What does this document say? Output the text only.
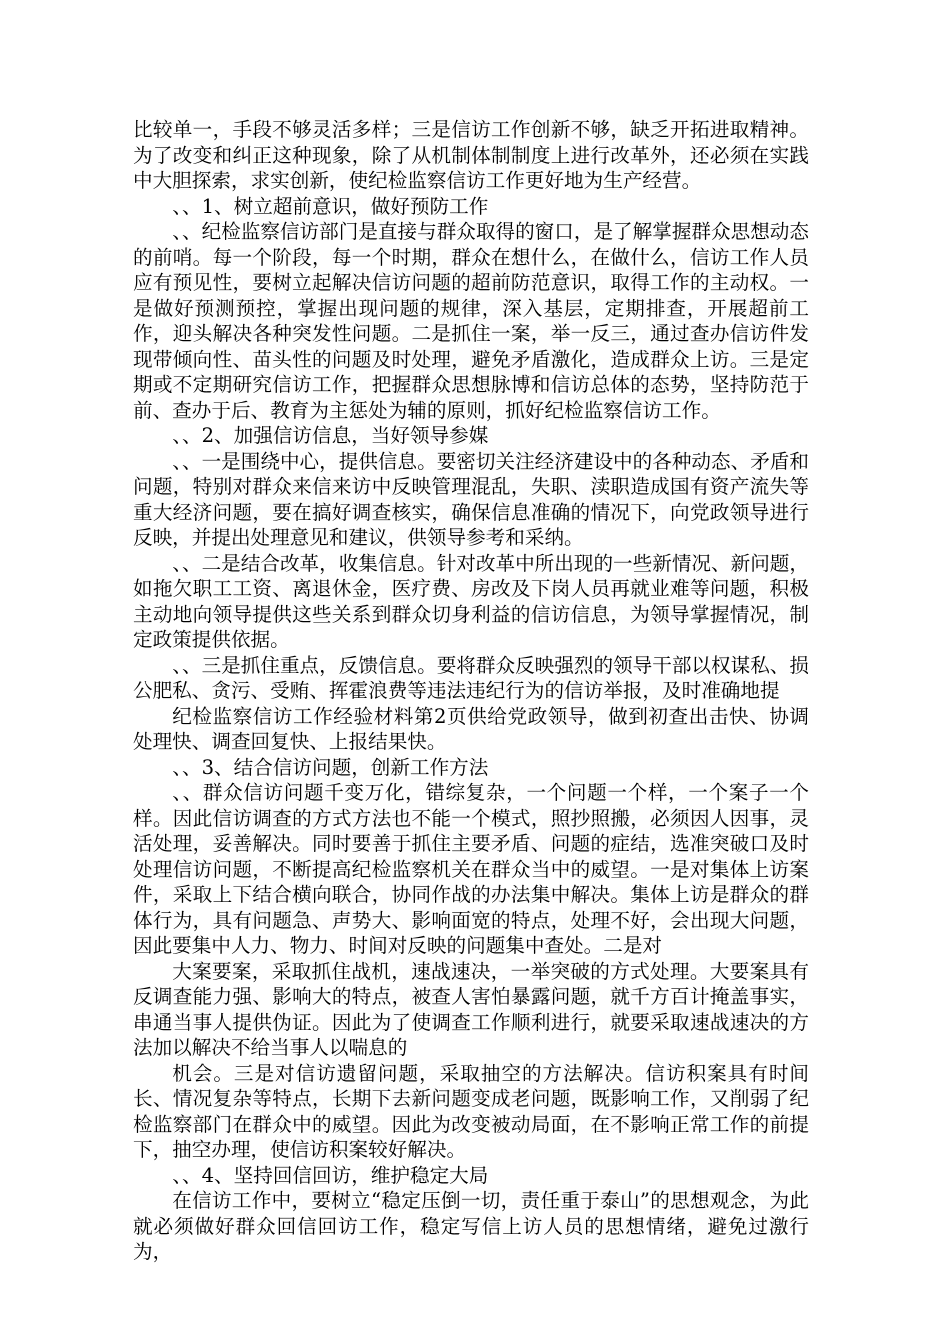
比较单一，手段不够灵活多样；三是信访工作创新不够，缺乏开拓进取精神。为了改变和纠正这种现象，除了从机制体制制度上进行改革外，还必须在实践中大胆探索，求实创新，使纪检监察信访工作更好地为生产经营。

、、1、树立超前意识，做好预防工作

、、纪检监察信访部门是直接与群众取得的窗口，是了解掌握群众思想动态的前哨。每一个阶段，每一个时期，群众在想什么，在做什么，信访工作人员应有预见性，要树立起解决信访问题的超前防范意识，取得工作的主动权。一是做好预测预控，掌握出现问题的规律，深入基层，定期排查，开展超前工作，迎头解决各种突发性问题。二是抓住一案，举一反三，通过查办信访件发现带倾向性、苗头性的问题及时处理，避免矛盾激化，造成群众上访。三是定期或不定期研究信访工作，把握群众思想脉博和信访总体的态势，坚持防范于前、查办于后、教育为主惩处为辅的原则，抓好纪检监察信访工作。

、、2、加强信访信息，当好领导参媒

、、一是围绕中心，提供信息。要密切关注经济建设中的各种动态、矛盾和问题，特别对群众来信来访中反映管理混乱，失职、渎职造成国有资产流失等重大经济问题，要在搞好调查核实，确保信息准确的情况下，向党政领导进行反映，并提出处理意见和建议，供领导参考和采纳。

、、二是结合改革，收集信息。针对改革中所出现的一些新情况、新问题，如拖欠职工工资、离退休金，医疗费、房改及下岗人员再就业难等问题，积极主动地向领导提供这些关系到群众切身利益的信访信息，为领导掌握情况，制定政策提供依据。

、、三是抓住重点，反馈信息。要将群众反映强烈的领导干部以权谋私、损公肥私、贪污、受贿、挥霍浪费等违法违纪行为的信访举报，及时准确地提

纪检监察信访工作经验材料第2页供给党政领导，做到初查出击快、协调处理快、调查回复快、上报结果快。

、、3、结合信访问题，创新工作方法

、、群众信访问题千变万化，错综复杂，一个问题一个样，一个案子一个样。因此信访调查的方式方法也不能一个模式，照抄照搬，必须因人因事，灵活处理，妥善解决。同时要善于抓住主要矛盾、问题的症结，选准突破口及时处理信访问题，不断提高纪检监察机关在群众当中的威望。一是对集体上访案件，采取上下结合横向联合，协同作战的办法集中解决。集体上访是群众的群体行为，具有问题急、声势大、影响面宽的特点，处理不好，会出现大问题，因此要集中人力、物力、时间对反映的问题集中查处。二是对

大案要案，采取抓住战机，速战速决，一举突破的方式处理。大要案具有反调查能力强、影响大的特点，被查人害怕暴露问题，就千方百计掩盖事实，串通当事人提供伪证。因此为了使调查工作顺利进行，就要采取速战速决的方法加以解决不给当事人以喘息的

机会。三是对信访遗留问题，采取抽空的方法解决。信访积案具有时间长、情况复杂等特点，长期下去新问题变成老问题，既影响工作，又削弱了纪检监察部门在群众中的威望。因此为改变被动局面，在不影响正常工作的前提下，抽空办理，使信访积案较好解决。

、、4、坚持回信回访，维护稳定大局

在信访工作中，要树立“稳定压倒一切，责任重于泰山”的思想观念，为此就必须做好群众回信回访工作，稳定写信上访人员的思想情绪，避免过激行为，
